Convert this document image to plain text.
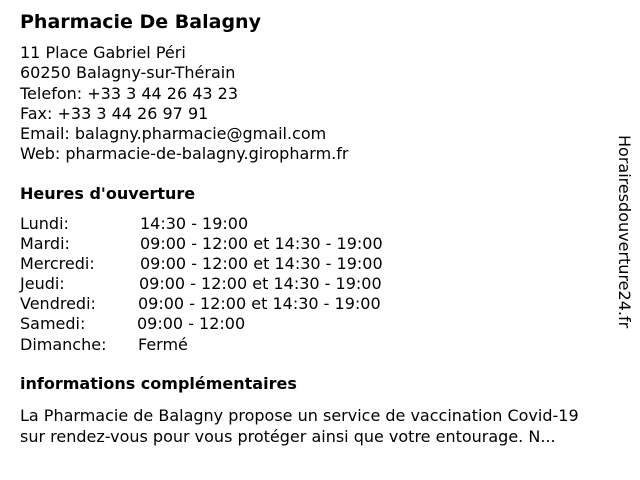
Pharmacie De Balagny
11 Place Gabriel Péri
60250 Balagny-sur-Thérain
Telefon: +33 3 44 26 43 23
Fax: +33 3 44 26 97 91
Email: balagny.pharmacie@gmail.com
Web: pharmacie-de-balagny.giropharm.fr
Heures d'ouverture
Lundi:	14:30 - 19:00
Mardi:	09:00 - 12:00 et 14:30 - 19:00
Mercredi:	09:00 - 12:00 et 14:30 - 19:00
Jeudi:	09:00 - 12:00 et 14:30 - 19:00
Vendredi:	09:00 - 12:00 et 14:30 - 19:00
Samedi:	09:00 - 12:00
Dimanche: Fermé
informations complémentaires
La Pharmacie de Balagny propose un service de vaccination Covid-19
sur rendez-vous pour vous protéger ainsi que votre entourage. N...
Horairesdouverture24.fr
